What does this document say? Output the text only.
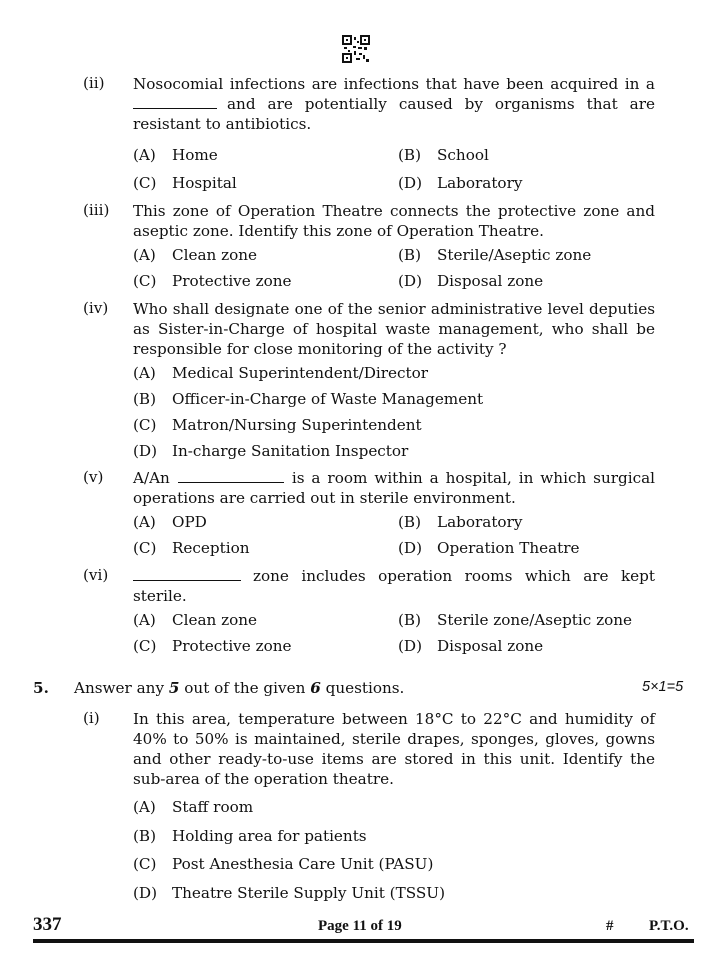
(ii) Nosocomial infections are infections that have been acquired in a
and are potentially caused by organisms that are
resistant to antibiotics.
(A) Home	(B) School
(C) Hospital	(D) Laboratory
(iii) This zone of Operation Theatre connects the protective zone and aseptic zone. Identify this zone of Operation Theatre.
(A) Clean zone	(B) Sterile/Aseptic zone
(C) Protective zone	(D) Disposal zone
(iv) Who shall designate one of the senior administrative level deputies as Sister-in-Charge of hospital waste management, who shall be responsible for close monitoring of the activity ?
(A) Medical Superintendent/Director
(B) Officer-in-Charge of Waste Management
(C) Matron/Nursing Superintendent
(D) In-charge Sanitation Inspector
(v) A/An	is a room within a hospital, in which surgical
operations are carried out in sterile environment.
(A) OPD	(B) Laboratory
(C) Reception	(D) Operation Theatre
(vi)	zone includes operation rooms which are kept
sterile.
(A) Clean zone	(B) Sterile zone/Aseptic zone
(C) Protective zone	(D) Disposal zone
5. Answer any 5 out of the given 6 questions.	5×1=5
(i) In this area, temperature between 18°C to 22°C and humidity of 40% to 50% is maintained, sterile drapes, sponges, gloves, gowns and other ready-to-use items are stored in this unit. Identify the sub-area of the operation theatre.
(A) Staff room
(B) Holding area for patients
(C) Post Anesthesia Care Unit (PASU)
(D) Theatre Sterile Supply Unit (TSSU)
337	Page 11 of 19	# P.T.O.
